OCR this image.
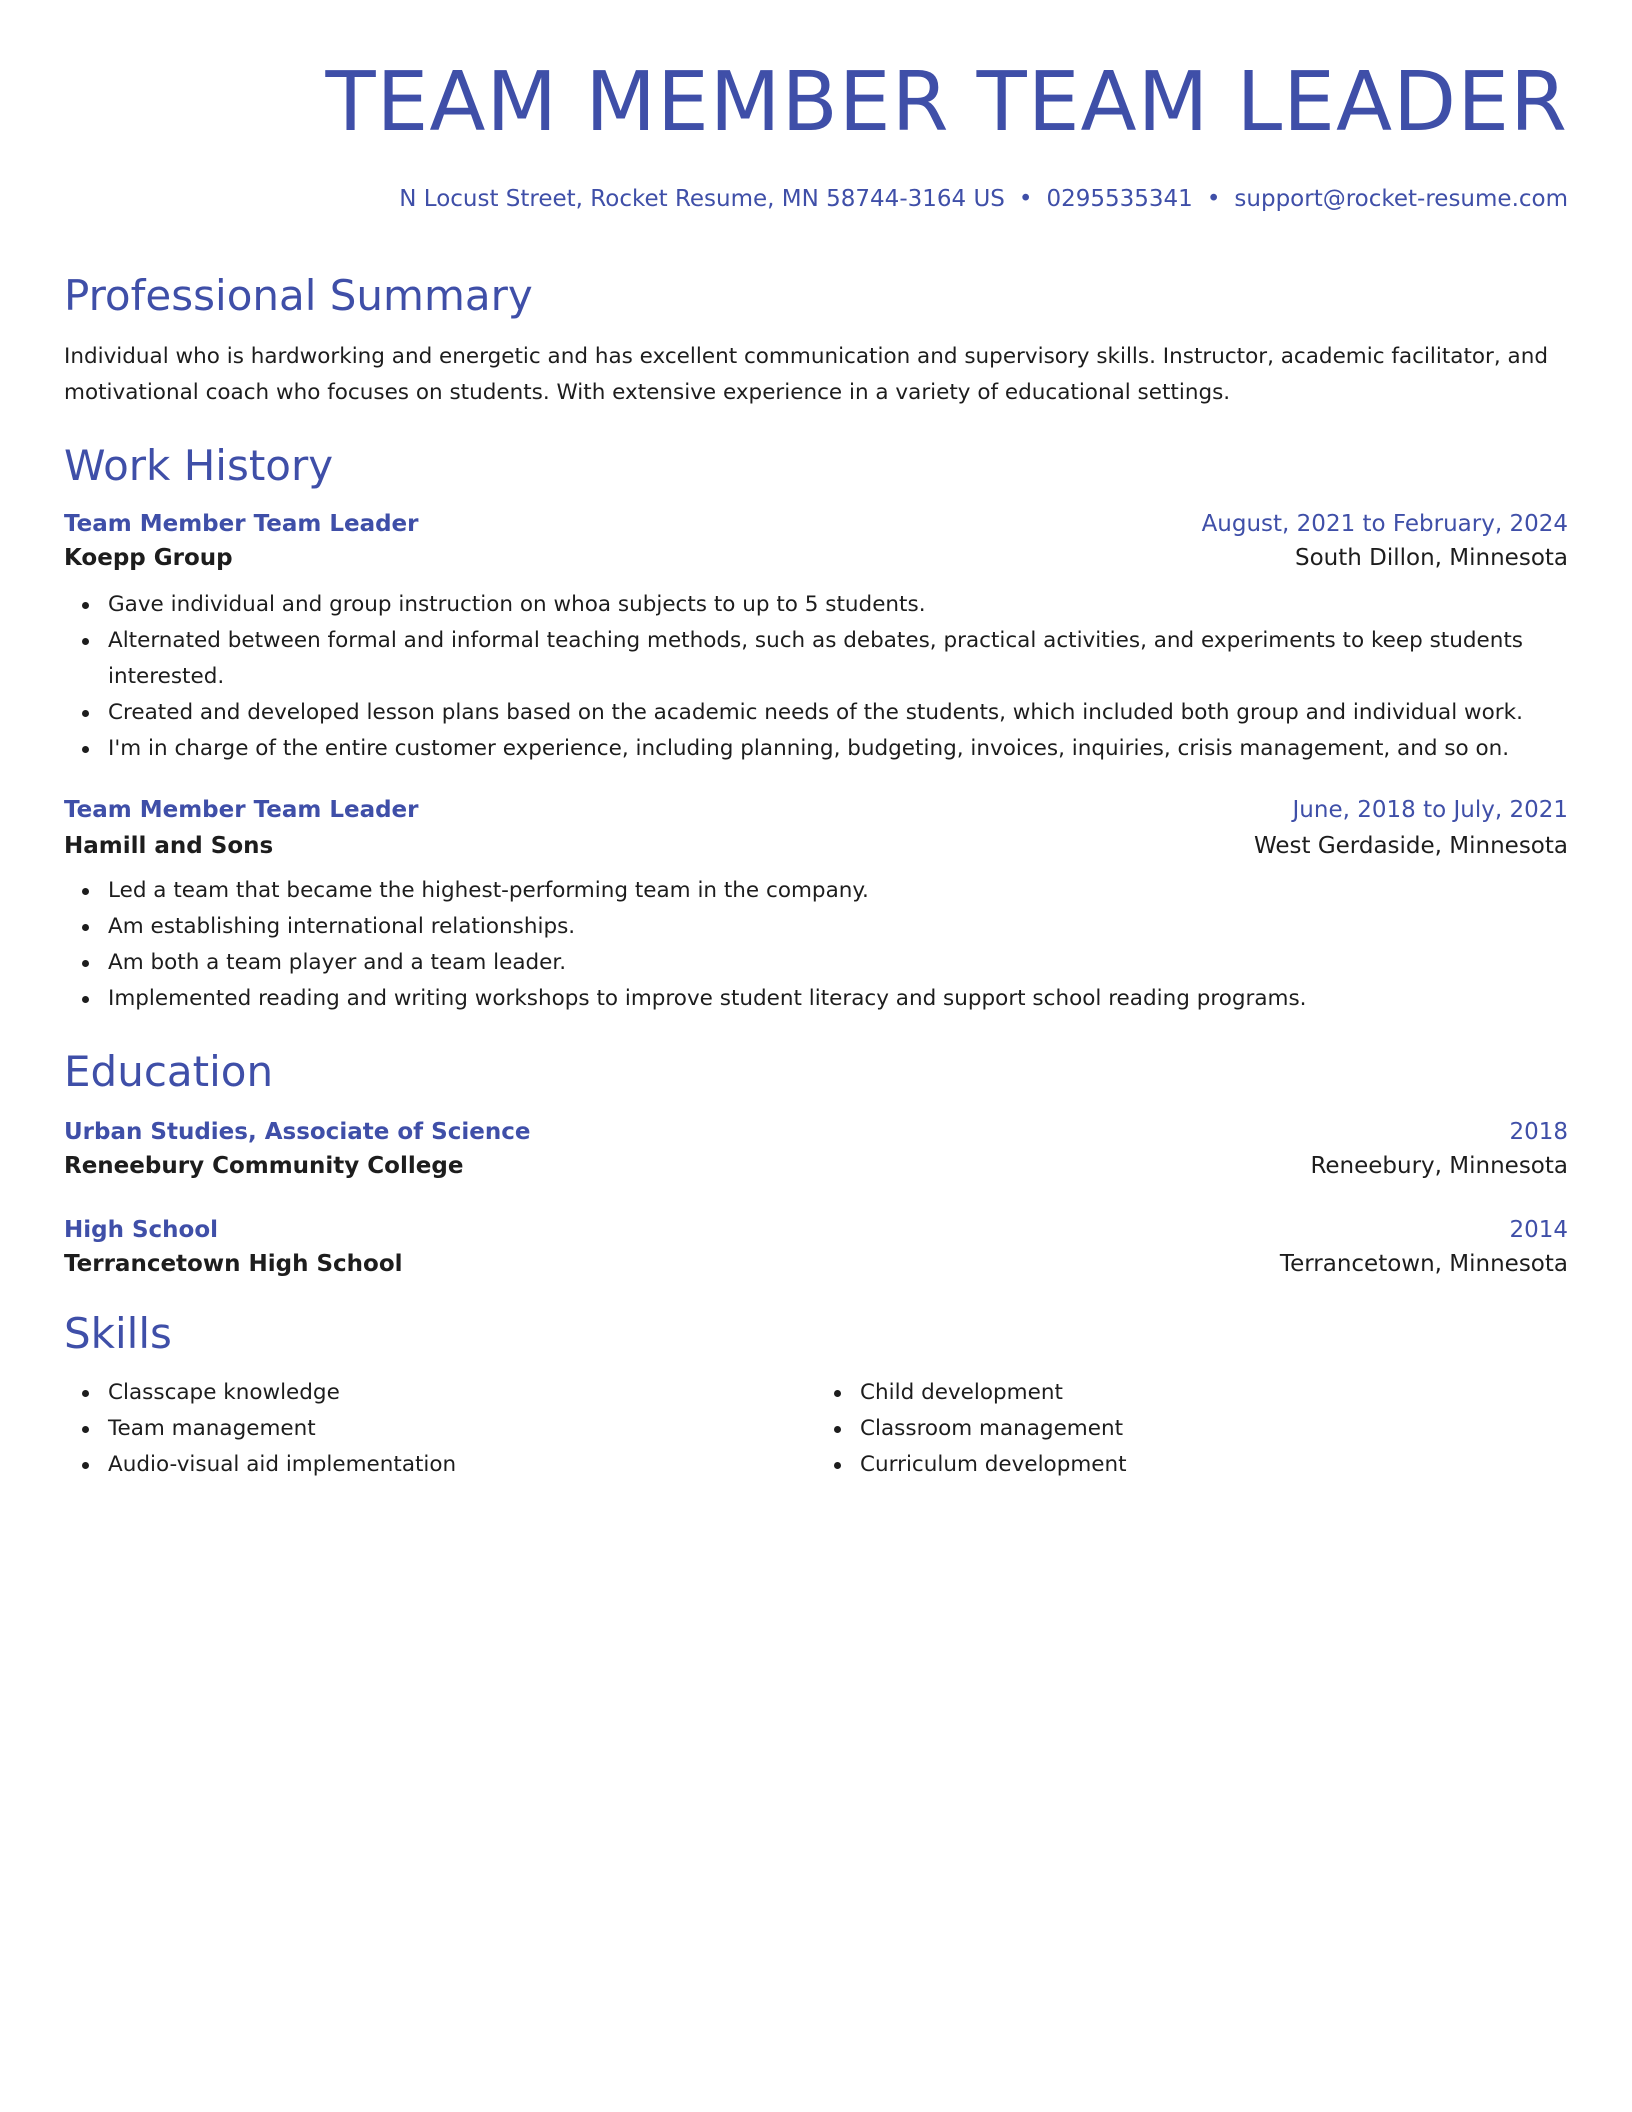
TEAM MEMBER TEAM LEADER
N Locust Street, Rocket Resume, MN 58744-3164 US • 0295535341 • support@rocket-resume.com
Professional Summary
Individual who is hardworking and energetic and has excellent communication and supervisory skills. Instructor, academic facilitator, and motivational coach who focuses on students. With extensive experience in a variety of educational settings.
Work History
Team Member Team Leader	August, 2021 to February, 2024
Koepp Group	South Dillon, Minnesota
Gave individual and group instruction on whoa subjects to up to 5 students.
Alternated between formal and informal teaching methods, such as debates, practical activities, and experiments to keep students interested.
Created and developed lesson plans based on the academic needs of the students, which included both group and individual work.
I'm in charge of the entire customer experience, including planning, budgeting, invoices, inquiries, crisis management, and so on.
Team Member Team Leader	June, 2018 to July, 2021
Hamill and Sons	West Gerdaside, Minnesota
Led a team that became the highest-performing team in the company.
Am establishing international relationships.
Am both a team player and a team leader.
Implemented reading and writing workshops to improve student literacy and support school reading programs.
Education
Urban Studies, Associate of Science	2018
Reneebury Community College	Reneebury, Minnesota
High School	2014
Terrancetown High School	Terrancetown, Minnesota
Skills
Classcape knowledge
Team management
Audio-visual aid implementation
Child development
Classroom management
Curriculum development
